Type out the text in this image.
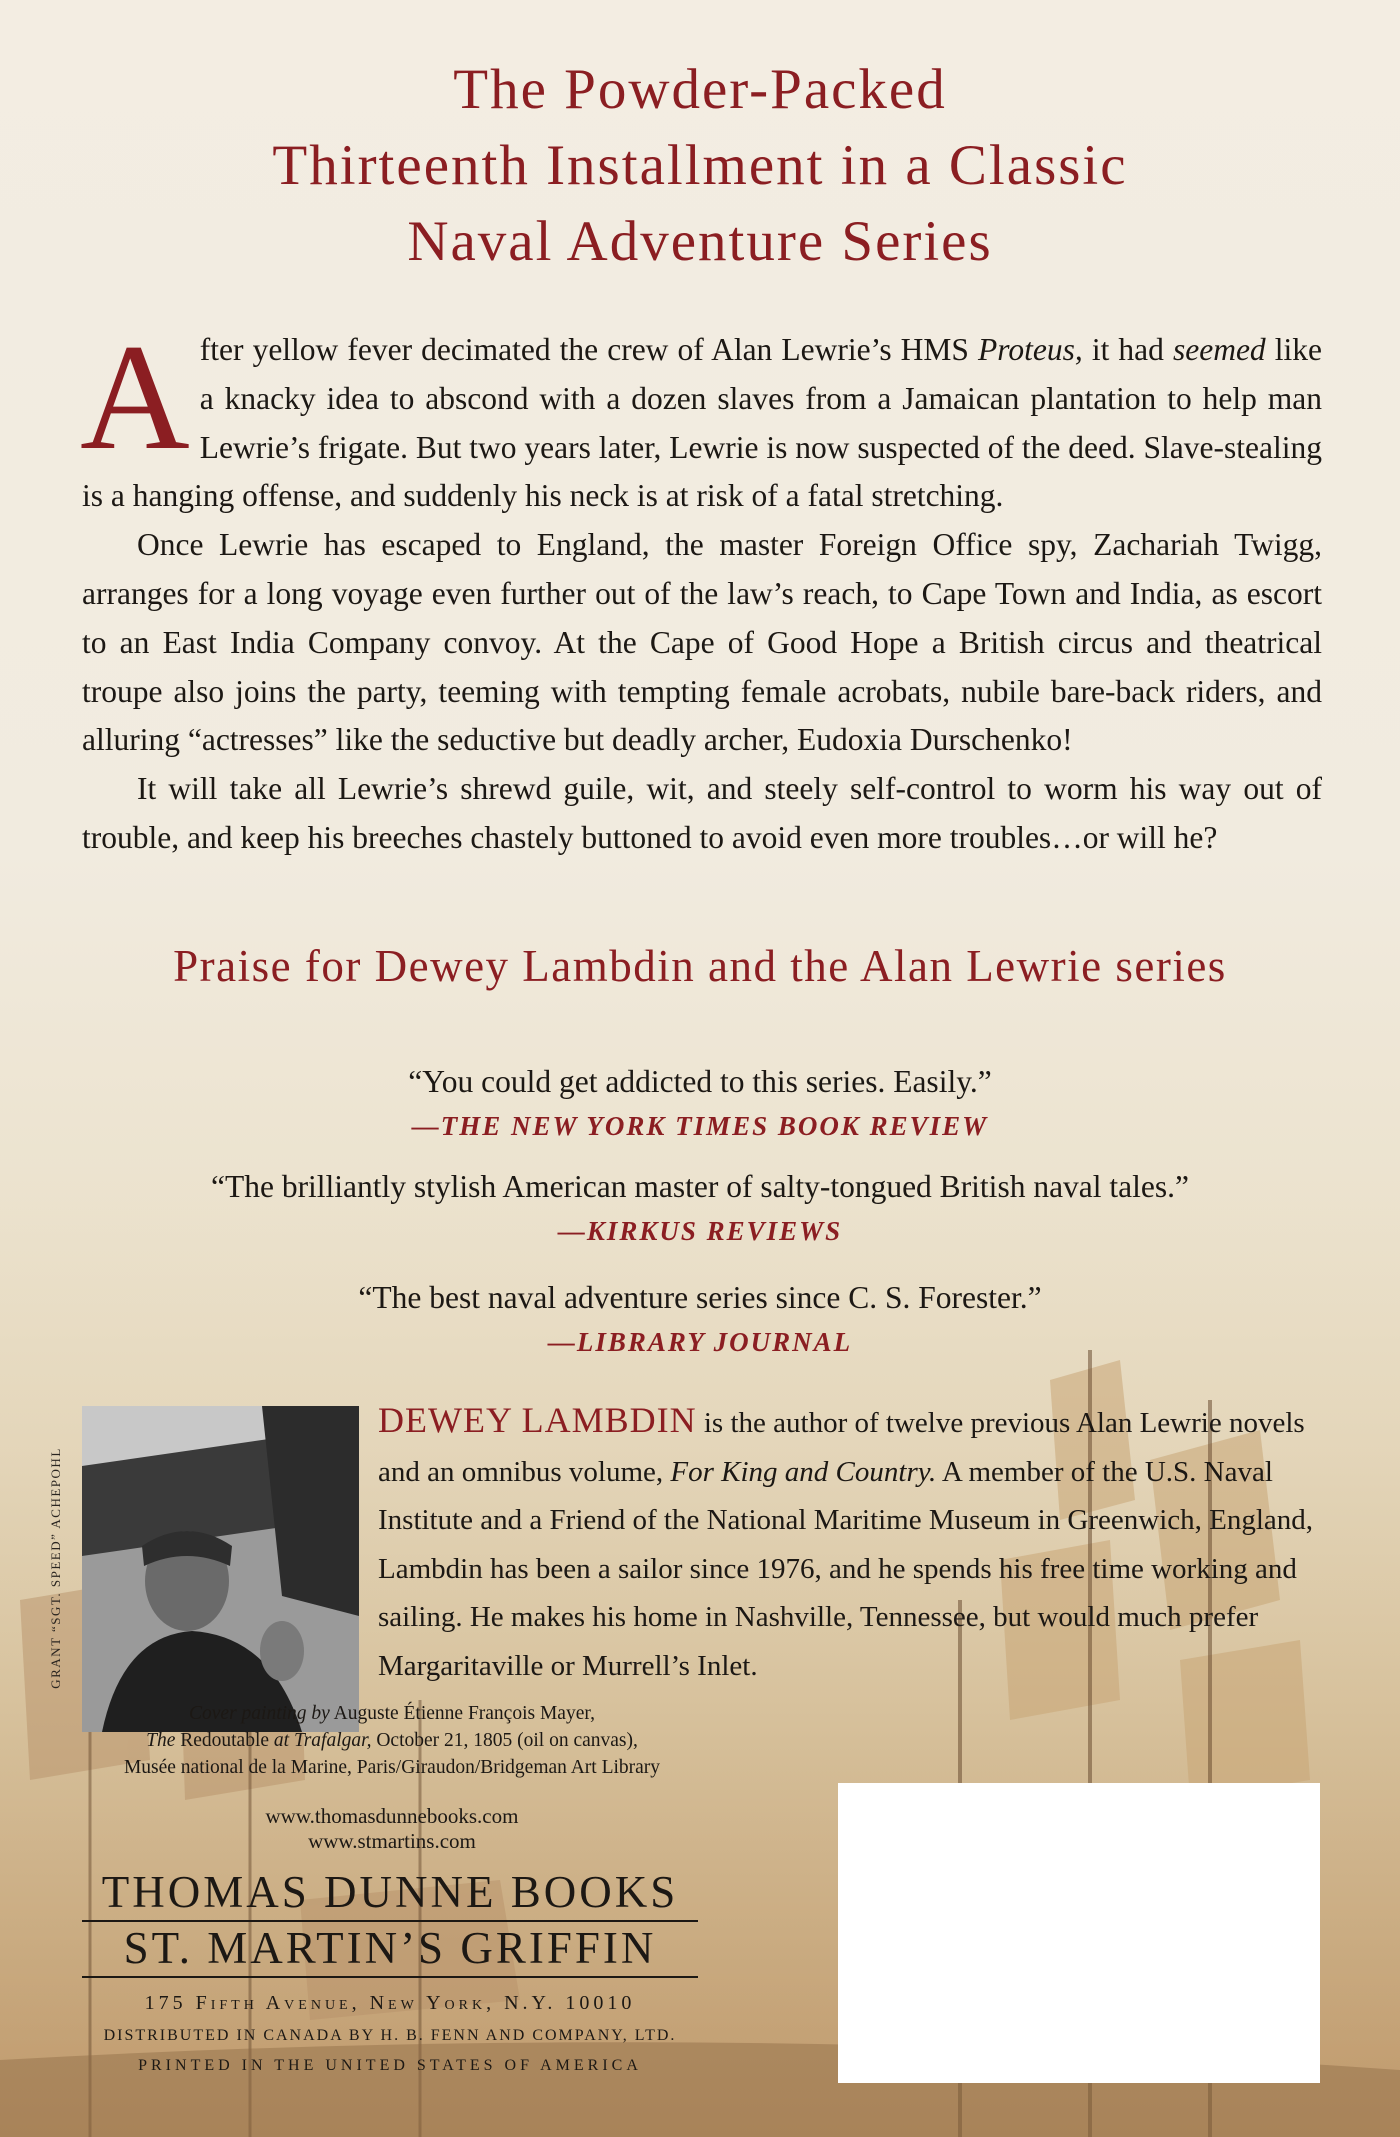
The Powder-Packed
Thirteenth Installment in a Classic
Naval Adventure Series

After yellow fever decimated the crew of Alan Lewrie’s HMS Proteus, it had seemed like a knacky idea to abscond with a dozen slaves from a Jamaican plantation to help man Lewrie’s frigate. But two years later, Lewrie is now suspected of the deed. Slave-stealing is a hanging offense, and suddenly his neck is at risk of a fatal stretching.

Once Lewrie has escaped to England, the master Foreign Office spy, Zachariah Twigg, arranges for a long voyage even further out of the law’s reach, to Cape Town and India, as escort to an East India Company convoy. At the Cape of Good Hope a British circus and theatrical troupe also joins the party, teeming with tempting female acrobats, nubile bare-back riders, and alluring “actresses” like the seductive but deadly archer, Eudoxia Durschenko!

It will take all Lewrie’s shrewd guile, wit, and steely self-control to worm his way out of trouble, and keep his breeches chastely buttoned to avoid even more troubles…or will he?

Praise for Dewey Lambdin and the Alan Lewrie series
“You could get addicted to this series. Easily.”
—THE NEW YORK TIMES BOOK REVIEW
“The brilliantly stylish American master of salty-tongued British naval tales.”
—KIRKUS REVIEWS
“The best naval adventure series since C. S. Forester.”
—LIBRARY JOURNAL
GRANT “SGT. SPEED” ACHEPOHL
DEWEY LAMBDIN is the author of twelve previous Alan Lewrie novels and an omnibus volume, For King and Country. A member of the U.S. Naval Institute and a Friend of the National Maritime Museum in Greenwich, England, Lambdin has been a sailor since 1976, and he spends his free time working and sailing. He makes his home in Nashville, Tennessee, but would much prefer Margaritaville or Murrell’s Inlet.
Cover painting by Auguste Étienne François Mayer,
The Redoutable at Trafalgar, October 21, 1805 (oil on canvas),
Musée national de la Marine, Paris/Giraudon/Bridgeman Art Library
www.thomasdunnebooks.com
www.stmartins.com
THOMAS DUNNE BOOKS
ST. MARTIN’S GRIFFIN
175 Fifth Avenue, New York, N.Y. 10010
DISTRIBUTED IN CANADA BY H. B. FENN AND COMPANY, LTD.
PRINTED IN THE UNITED STATES OF AMERICA
